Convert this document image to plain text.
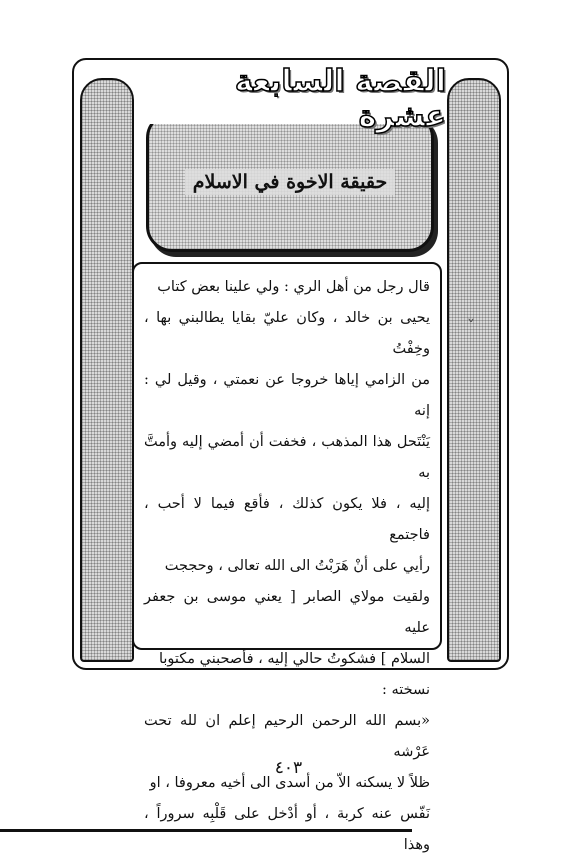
حقيقة الاخوة في الاسلام
القصة السابعة عشرة
ˇ

قال رجل من أهل الري : ولي علينا بعض كتاب

يحيى بن خالد ، وكان عليّ بقايا يطالبني بها ، وخِفْتُ

من الزامي إياها خروجا عن نعمتي ، وقيل لي : إنه

يَنْتَحل هذا المذهب ، فخفت أن أمضي إليه وأمتَّ به

إليه ، فلا يكون كذلك ، فأقع فيما لا أحب ، فاجتمع

رأيي على أنْ هَرَبْتُ الى الله تعالى ، وحججت

ولقيت مولاي الصابر [ يعني موسى بن جعفر عليه

السلام ] فشكوتُ حالي إليه ، فأصحبني مكتوبا

نسخته :

«بسم الله الرحمن الرحيم إعلم ان لله تحت عَرْشه

ظلاً لا يسكنه الاّ من أسدى الى أخيه معروفا ، او

نَفّس عنه كربة ، أو أدْخل على قَلْبِه سروراً ، وهذا

٤٠٣
